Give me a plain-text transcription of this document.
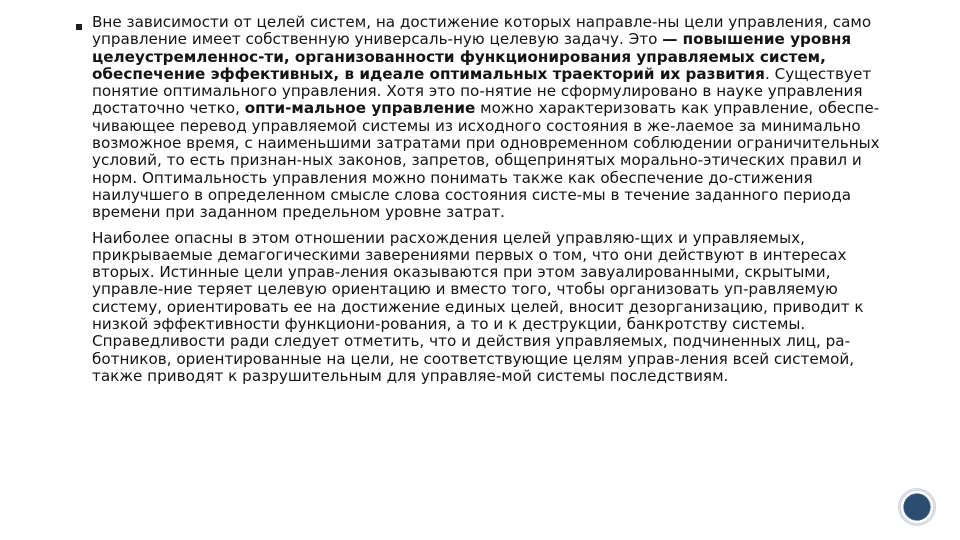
Вне зависимости от целей систем, на достижение которых направле-ны цели управления, само управление имеет собственную универсаль-ную целевую задачу. Это — повышение уровня целеустремленнос-ти, организованности функционирования управляемых систем, обеспечение эффективных, в идеале оптимальных траекторий их развития. Существует понятие оптимального управления. Хотя это по-нятие не сформулировано в науке управления достаточно четко, опти-мальное управление можно характеризовать как управление, обеспе-чивающее перевод управляемой системы из исходного состояния в же-лаемое за минимально возможное время, с наименьшими затратами при одновременном соблюдении ограничительных условий, то есть признан-ных законов, запретов, общепринятых морально-этических правил и норм. Оптимальность управления можно понимать также как обеспечение до-стижения наилучшего в определенном смысле слова состояния систе-мы в течение заданного периода времени при заданном предельном уровне затрат.

Наиболее опасны в этом отношении расхождения целей управляю-щих и управляемых, прикрываемые демагогическими заверениями первых о том, что они действуют в интересах вторых. Истинные цели управ-ления оказываются при этом завуалированными, скрытыми, управле-ние теряет целевую ориентацию и вместо того, чтобы организовать уп-равляемую систему, ориентировать ее на достижение единых целей, вносит дезорганизацию, приводит к низкой эффективности функциони-рования, а то и к деструкции, банкротству системы. Справедливости ради следует отметить, что и действия управляемых, подчиненных лиц, ра-ботников, ориентированные на цели, не соответствующие целям управ-ления всей системой, также приводят к разрушительным для управляе-мой системы последствиям.
